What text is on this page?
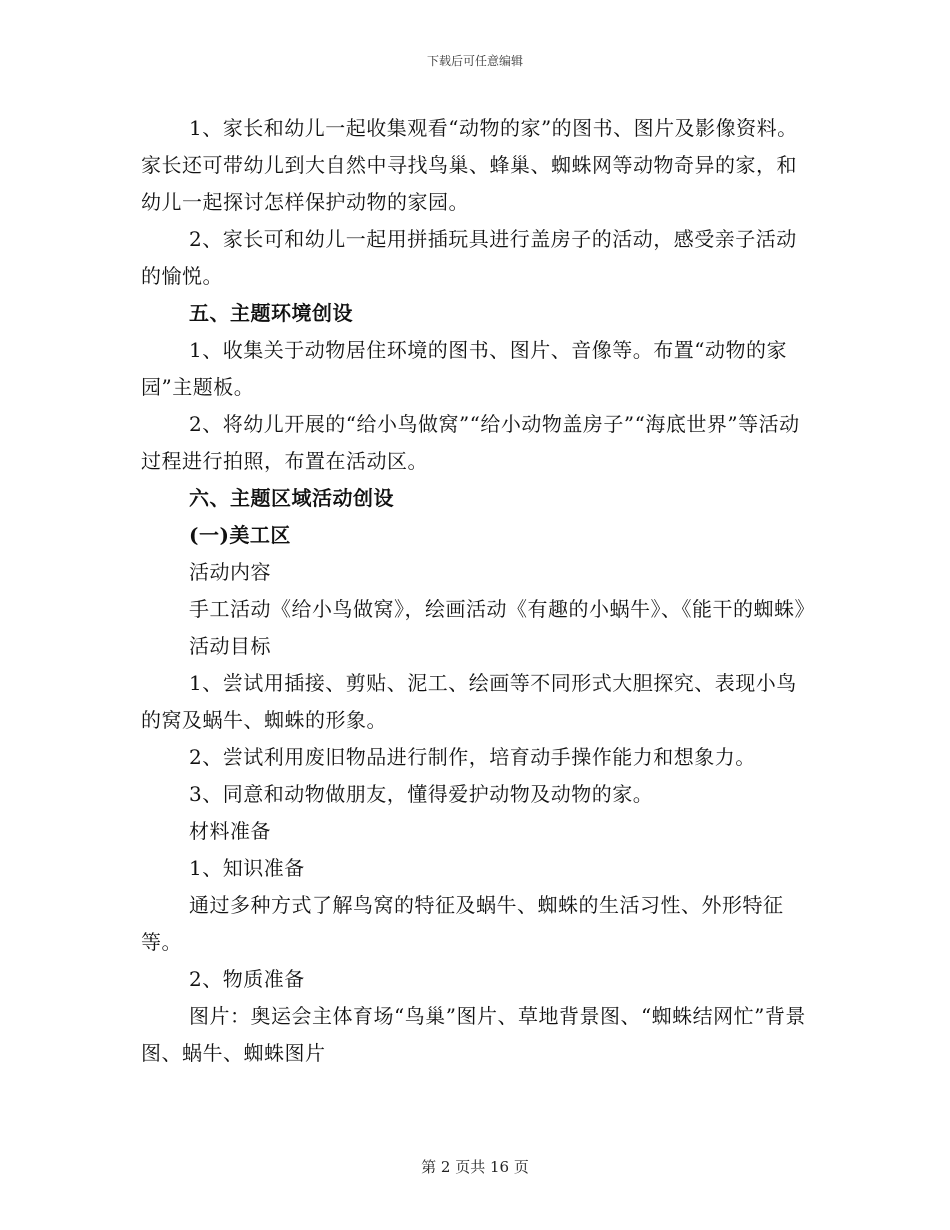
下载后可任意编辑

1、家长和幼儿一起收集观看“动物的家”的图书、图片及影像资料。家长还可带幼儿到大自然中寻找鸟巢、蜂巢、蜘蛛网等动物奇异的家，和幼儿一起探讨怎样保护动物的家园。

2、家长可和幼儿一起用拼插玩具进行盖房子的活动，感受亲子活动的愉悦。

五、主题环境创设

1、收集关于动物居住环境的图书、图片、音像等。布置“动物的家园”主题板。

2、将幼儿开展的“给小鸟做窝”“给小动物盖房子”“海底世界”等活动过程进行拍照，布置在活动区。

六、主题区域活动创设

(一)美工区

活动内容

手工活动《给小鸟做窝》，绘画活动《有趣的小蜗牛》、《能干的蜘蛛》

活动目标

1、尝试用插接、剪贴、泥工、绘画等不同形式大胆探究、表现小鸟的窝及蜗牛、蜘蛛的形象。

2、尝试利用废旧物品进行制作，培育动手操作能力和想象力。

3、同意和动物做朋友，懂得爱护动物及动物的家。

材料准备

1、知识准备

通过多种方式了解鸟窝的特征及蜗牛、蜘蛛的生活习性、外形特征等。

2、物质准备

图片：奥运会主体育场“鸟巢”图片、草地背景图、“蜘蛛结网忙”背景图、蜗牛、蜘蛛图片

第 2 页共 16 页
